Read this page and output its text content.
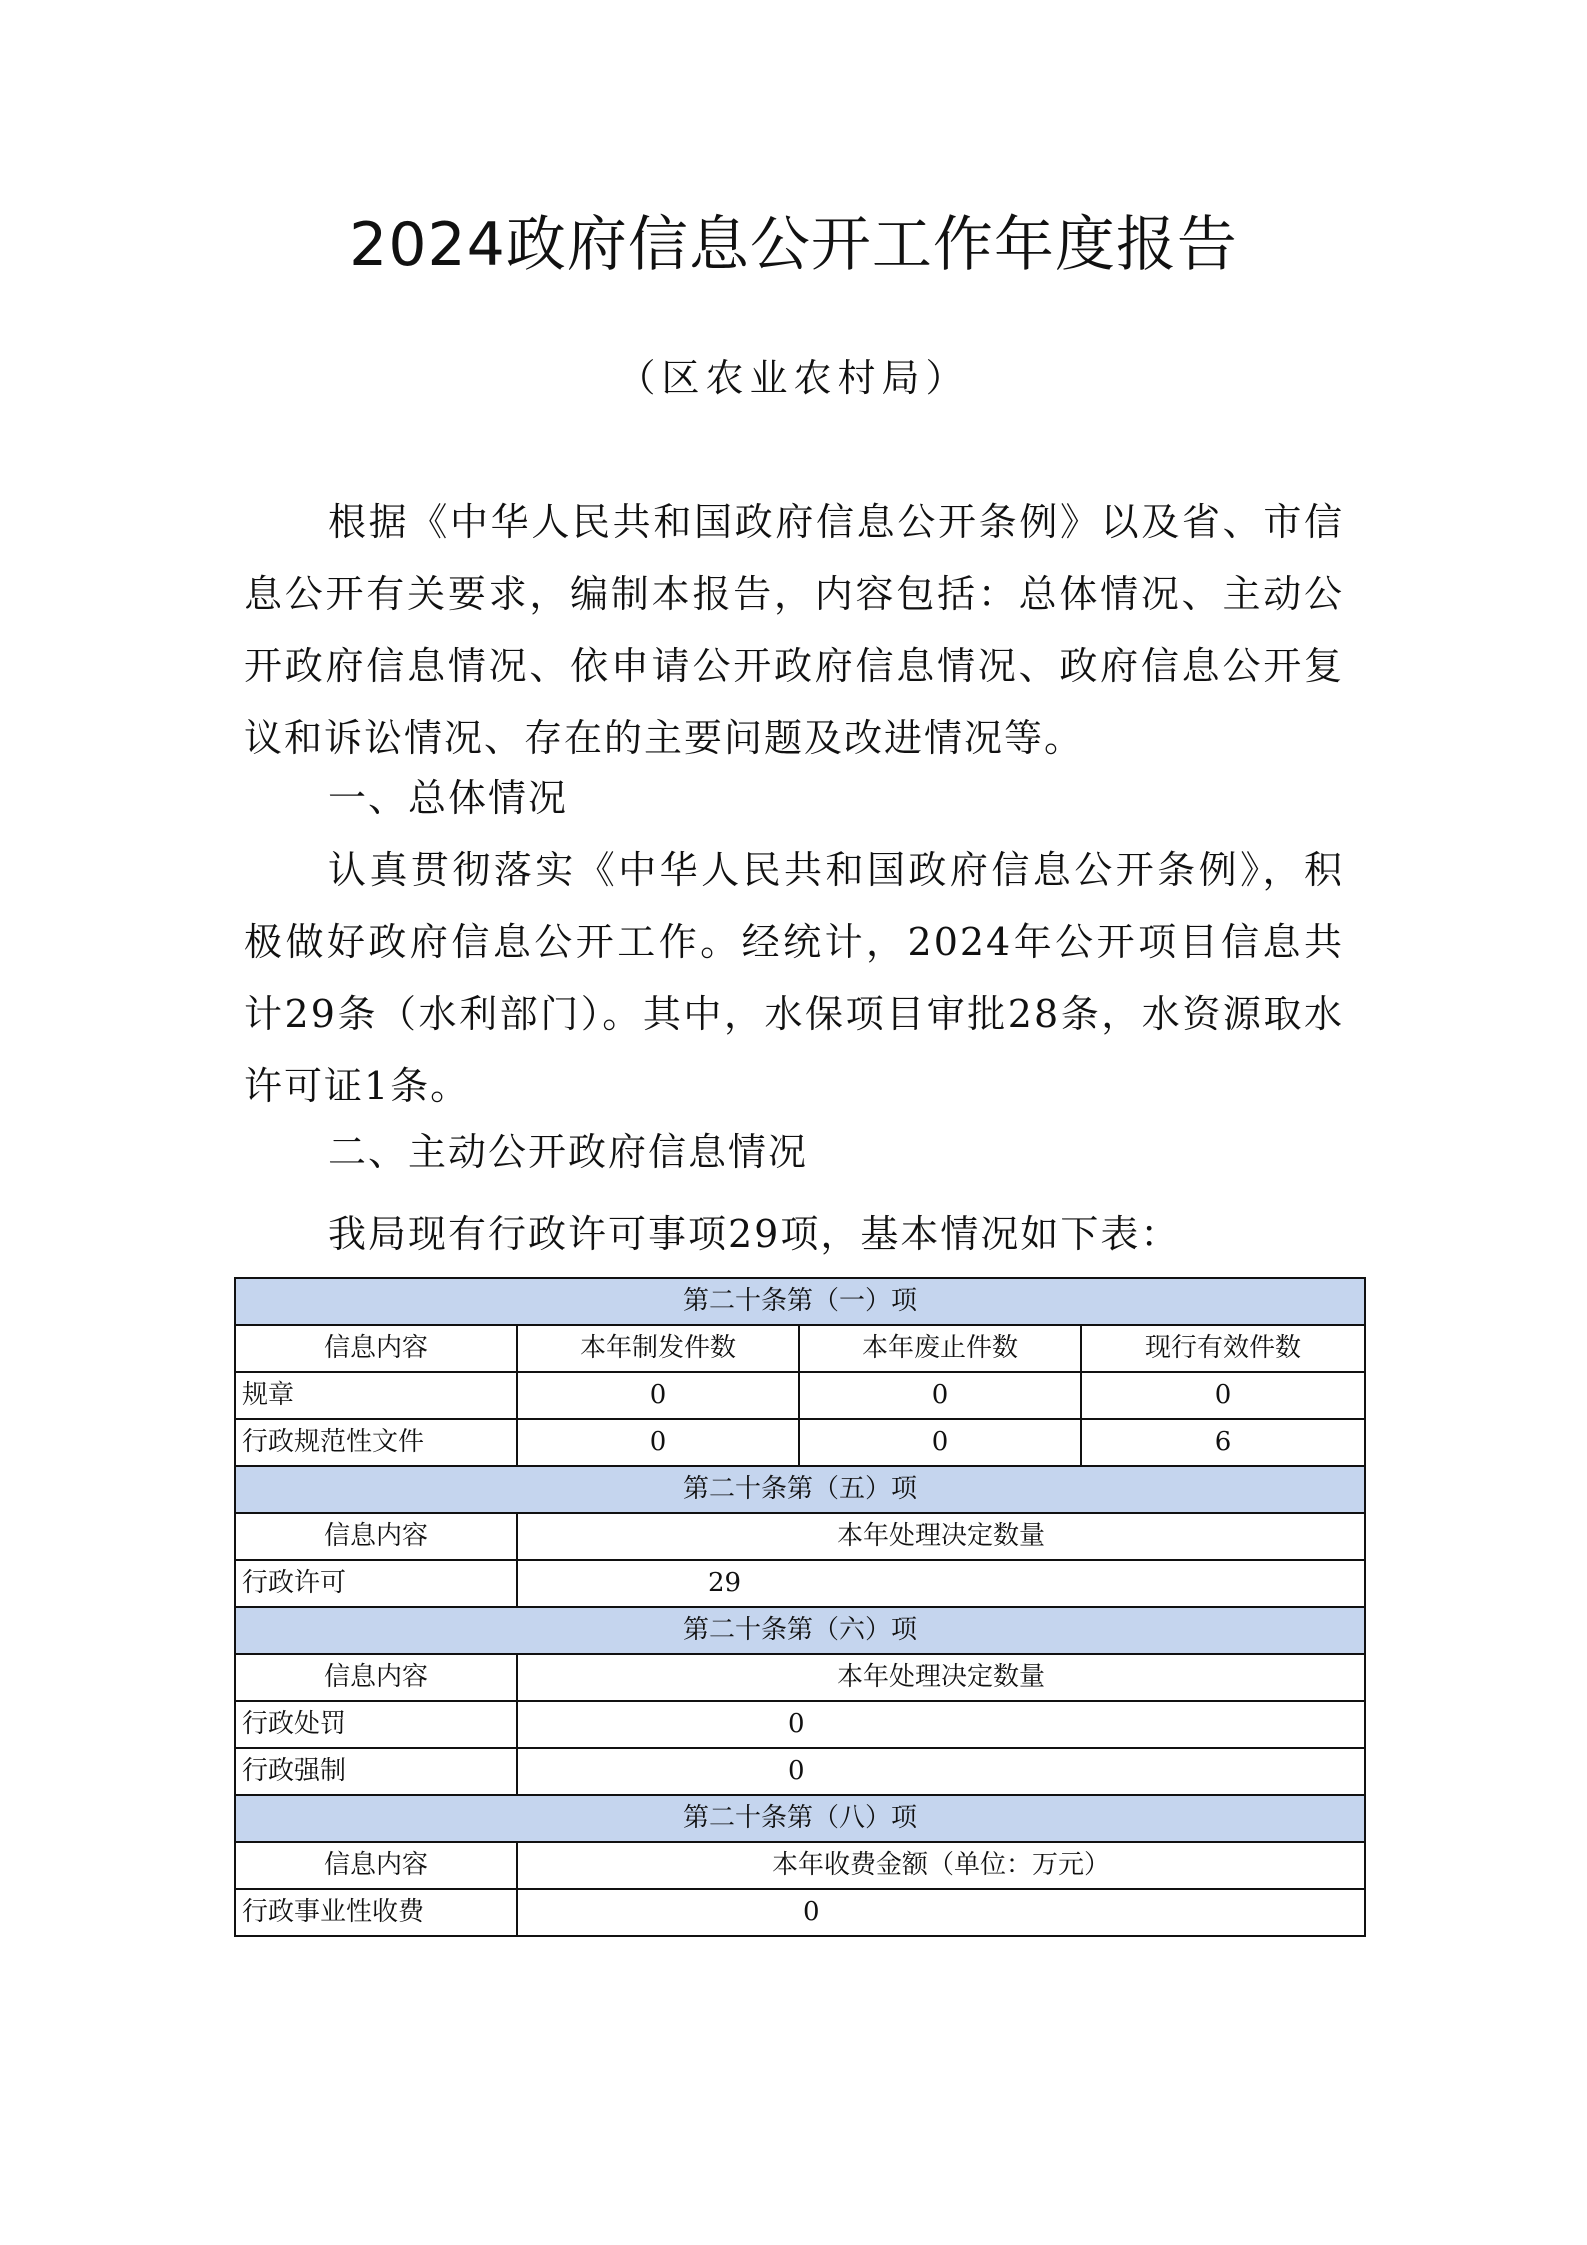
2024政府信息公开工作年度报告
（区农业农村局）

根据《中华人民共和国政府信息公开条例》以及省、市信息公开有关要求，编制本报告，内容包括：总体情况、主动公开政府信息情况、依申请公开政府信息情况、政府信息公开复议和诉讼情况、存在的主要问题及改进情况等。

一、总体情况

认真贯彻落实《中华人民共和国政府信息公开条例》，积极做好政府信息公开工作。经统计，2024年公开项目信息共计29条（水利部门）。其中，水保项目审批28条，水资源取水许可证1条。

二、主动公开政府信息情况

我局现有行政许可事项29项，基本情况如下表：

第二十条第（一）项			
信息内容	本年制发件数	本年废止件数	现行有效件数
规章	0	0	0
行政规范性文件	0	0	6
第二十条第（五）项			
信息内容	本年处理决定数量		
行政许可	29		
第二十条第（六）项			
信息内容	本年处理决定数量		
行政处罚	0		
行政强制	0		
第二十条第（八）项			
信息内容	本年收费金额（单位：万元）		
行政事业性收费	0		
